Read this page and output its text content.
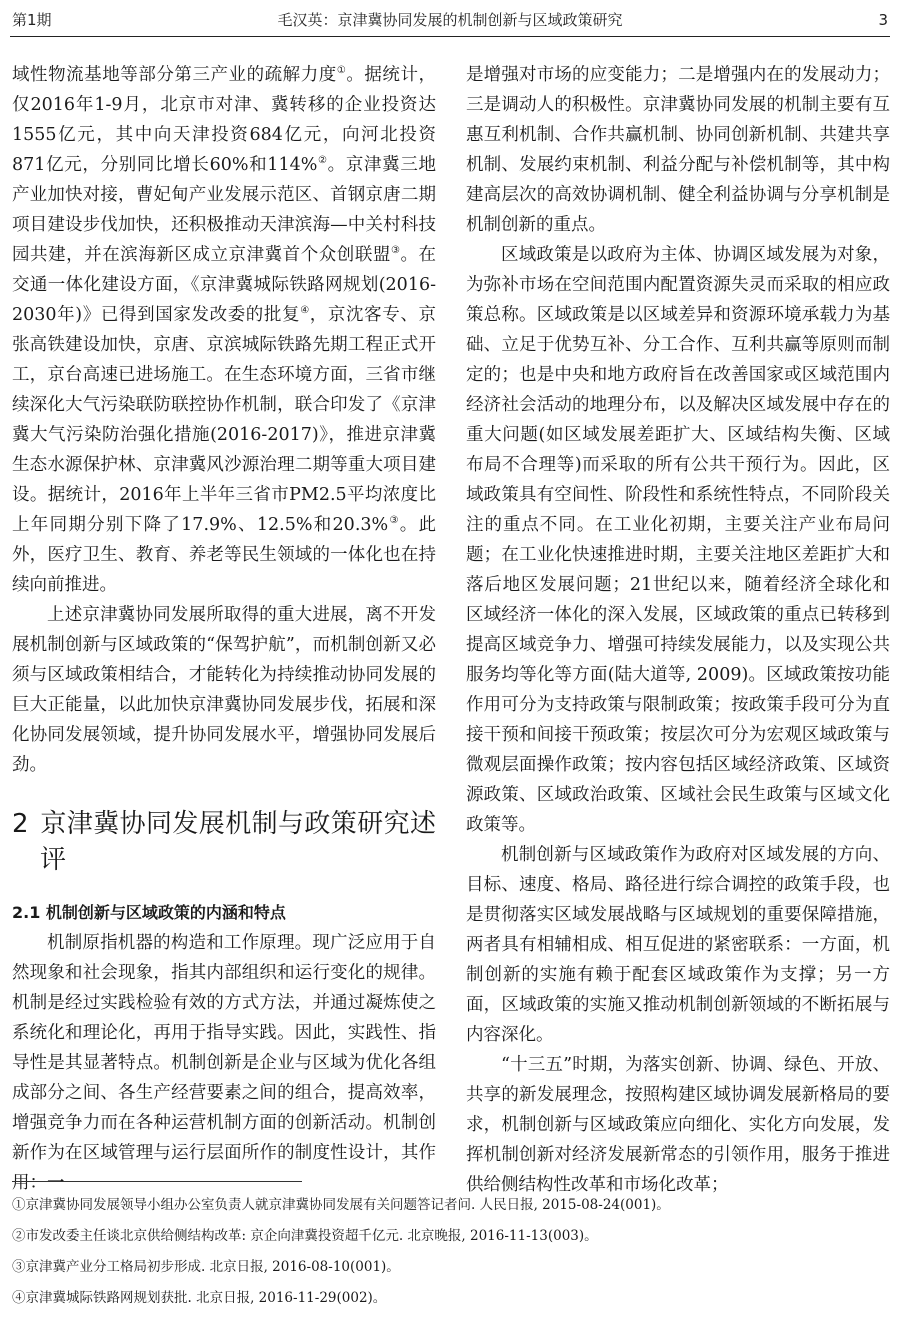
第1期	毛汉英：京津冀协同发展的机制创新与区域政策研究	3

域性物流基地等部分第三产业的疏解力度①。据统计，仅2016年1-9月，北京市对津、冀转移的企业投资达1555亿元，其中向天津投资684亿元，向河北投资871亿元，分别同比增长60%和114%②。京津冀三地产业加快对接，曹妃甸产业发展示范区、首钢京唐二期项目建设步伐加快，还积极推动天津滨海—中关村科技园共建，并在滨海新区成立京津冀首个众创联盟③。在交通一体化建设方面，《京津冀城际铁路网规划(2016-2030年)》已得到国家发改委的批复④，京沈客专、京张高铁建设加快，京唐、京滨城际铁路先期工程正式开工，京台高速已进场施工。在生态环境方面，三省市继续深化大气污染联防联控协作机制，联合印发了《京津冀大气污染防治强化措施(2016-2017)》，推进京津冀生态水源保护林、京津冀风沙源治理二期等重大项目建设。据统计，2016年上半年三省市PM2.5平均浓度比上年同期分别下降了17.9%、12.5%和20.3%③。此外，医疗卫生、教育、养老等民生领域的一体化也在持续向前推进。

上述京津冀协同发展所取得的重大进展，离不开发展机制创新与区域政策的“保驾护航”，而机制创新又必须与区域政策相结合，才能转化为持续推动协同发展的巨大正能量，以此加快京津冀协同发展步伐，拓展和深化协同发展领域，提升协同发展水平，增强协同发展后劲。

2 京津冀协同发展机制与政策研究述评
2.1 机制创新与区域政策的内涵和特点

机制原指机器的构造和工作原理。现广泛应用于自然现象和社会现象，指其内部组织和运行变化的规律。机制是经过实践检验有效的方式方法，并通过凝炼使之系统化和理论化，再用于指导实践。因此，实践性、指导性是其显著特点。机制创新是企业与区域为优化各组成部分之间、各生产经营要素之间的组合，提高效率，增强竞争力而在各种运营机制方面的创新活动。机制创新作为在区域管理与运行层面所作的制度性设计，其作用：一

是增强对市场的应变能力；二是增强内在的发展动力；三是调动人的积极性。京津冀协同发展的机制主要有互惠互利机制、合作共赢机制、协同创新机制、共建共享机制、发展约束机制、利益分配与补偿机制等，其中构建高层次的高效协调机制、健全利益协调与分享机制是机制创新的重点。

区域政策是以政府为主体、协调区域发展为对象，为弥补市场在空间范围内配置资源失灵而采取的相应政策总称。区域政策是以区域差异和资源环境承载力为基础、立足于优势互补、分工合作、互利共赢等原则而制定的；也是中央和地方政府旨在改善国家或区域范围内经济社会活动的地理分布，以及解决区域发展中存在的重大问题(如区域发展差距扩大、区域结构失衡、区域布局不合理等)而采取的所有公共干预行为。因此，区域政策具有空间性、阶段性和系统性特点，不同阶段关注的重点不同。在工业化初期，主要关注产业布局问题；在工业化快速推进时期，主要关注地区差距扩大和落后地区发展问题；21世纪以来，随着经济全球化和区域经济一体化的深入发展，区域政策的重点已转移到提高区域竞争力、增强可持续发展能力，以及实现公共服务均等化等方面(陆大道等, 2009)。区域政策按功能作用可分为支持政策与限制政策；按政策手段可分为直接干预和间接干预政策；按层次可分为宏观区域政策与微观层面操作政策；按内容包括区域经济政策、区域资源政策、区域政治政策、区域社会民生政策与区域文化政策等。

机制创新与区域政策作为政府对区域发展的方向、目标、速度、格局、路径进行综合调控的政策手段，也是贯彻落实区域发展战略与区域规划的重要保障措施，两者具有相辅相成、相互促进的紧密联系：一方面，机制创新的实施有赖于配套区域政策作为支撑；另一方面，区域政策的实施又推动机制创新领域的不断拓展与内容深化。

“十三五”时期，为落实创新、协调、绿色、开放、共享的新发展理念，按照构建区域协调发展新格局的要求，机制创新与区域政策应向细化、实化方向发展，发挥机制创新对经济发展新常态的引领作用，服务于推进供给侧结构性改革和市场化改革；

①京津冀协同发展领导小组办公室负责人就京津冀协同发展有关问题答记者问. 人民日报, 2015-08-24(001)。
②市发改委主任谈北京供给侧结构改革: 京企向津冀投资超千亿元. 北京晚报, 2016-11-13(003)。
③京津冀产业分工格局初步形成. 北京日报, 2016-08-10(001)。
④京津冀城际铁路网规划获批. 北京日报, 2016-11-29(002)。
